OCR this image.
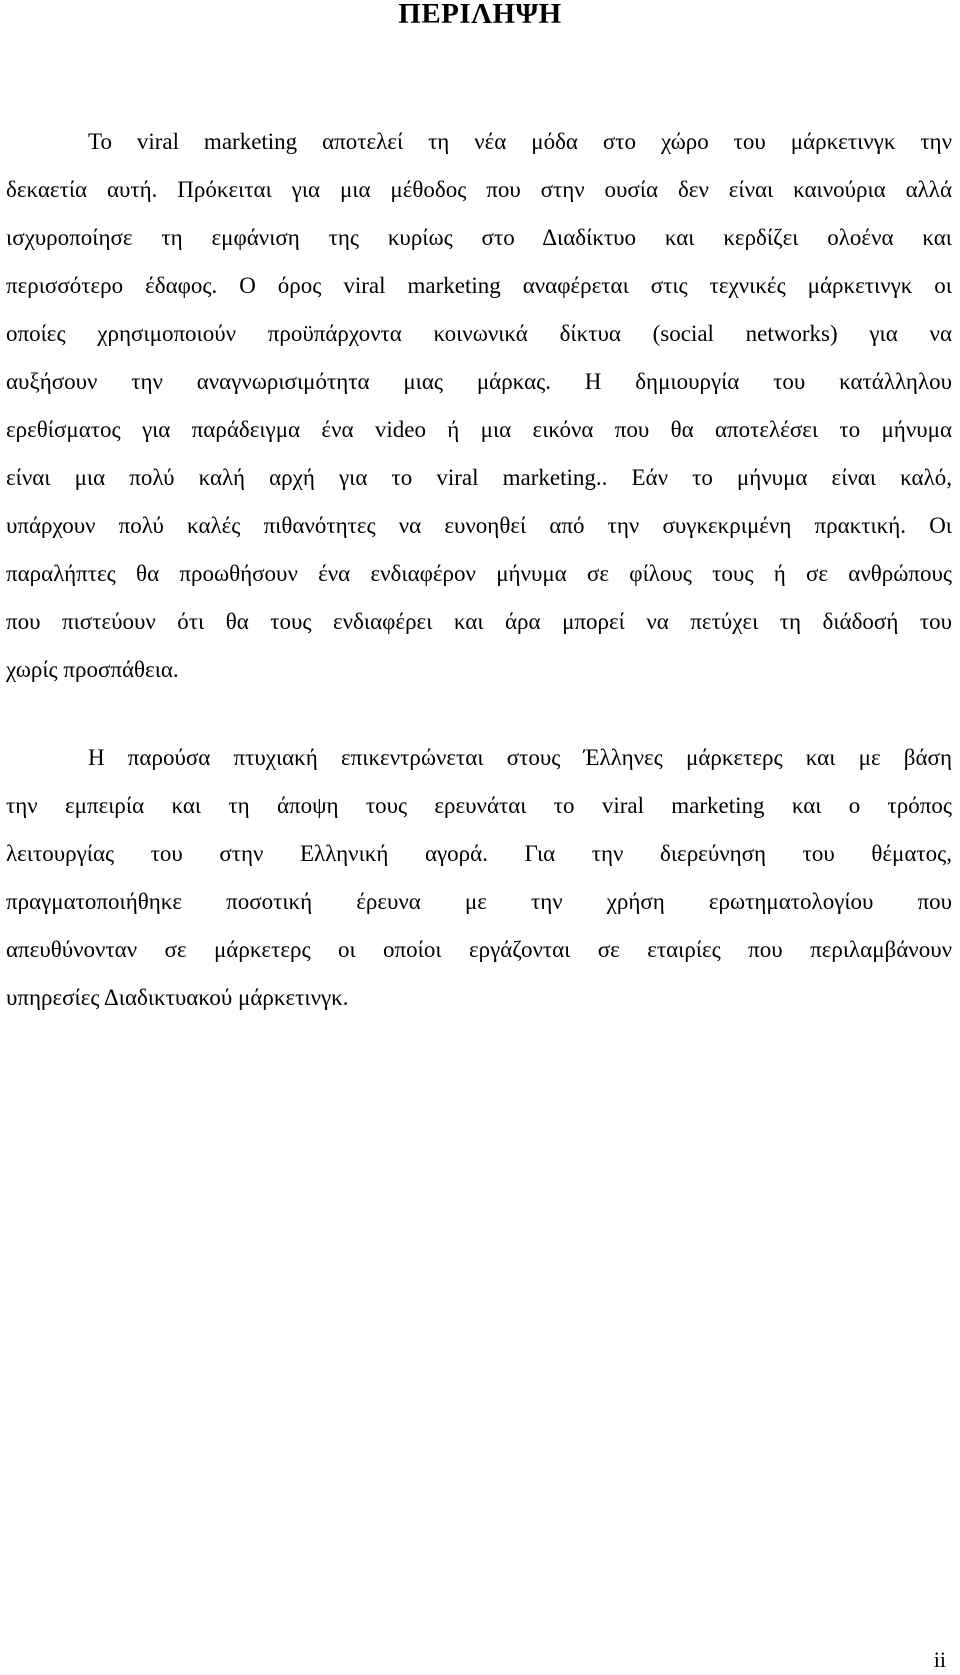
ΠΕΡΙΛΗΨΗ
Το viral marketing αποτελεί τη νέα μόδα στο χώρο του μάρκετινγκ την
δεκαετία αυτή. Πρόκειται για μια μέθοδος που στην ουσία δεν είναι καινούρια αλλά
ισχυροποίησε τη εμφάνιση της κυρίως στο Διαδίκτυο και κερδίζει ολοένα και
περισσότερο έδαφος. Ο όρος viral marketing αναφέρεται στις τεχνικές μάρκετινγκ οι
οποίες χρησιμοποιούν προϋπάρχοντα κοινωνικά δίκτυα (social networks) για να
αυξήσουν την αναγνωρισιμότητα μιας μάρκας. Η δημιουργία του κατάλληλου
ερεθίσματος για παράδειγμα ένα video ή μια εικόνα που θα αποτελέσει το μήνυμα
είναι μια πολύ καλή αρχή για το viral marketing.. Εάν το μήνυμα είναι καλό,
υπάρχουν πολύ καλές πιθανότητες να ευνοηθεί από την συγκεκριμένη πρακτική. Οι
παραλήπτες θα προωθήσουν ένα ενδιαφέρον μήνυμα σε φίλους τους ή σε ανθρώπους
που πιστεύουν ότι θα τους ενδιαφέρει και άρα μπορεί να πετύχει τη διάδοσή του
χωρίς προσπάθεια.
Η παρούσα πτυχιακή επικεντρώνεται στους Έλληνες μάρκετερς και με βάση
την εμπειρία και τη άποψη τους ερευνάται το viral marketing και ο τρόπος
λειτουργίας του στην Ελληνική αγορά. Για την διερεύνηση του θέματος,
πραγματοποιήθηκε ποσοτική έρευνα με την χρήση ερωτηματολογίου που
απευθύνονταν σε μάρκετερς οι οποίοι εργάζονται σε εταιρίες που περιλαμβάνουν
υπηρεσίες Διαδικτυακού μάρκετινγκ.
ii
